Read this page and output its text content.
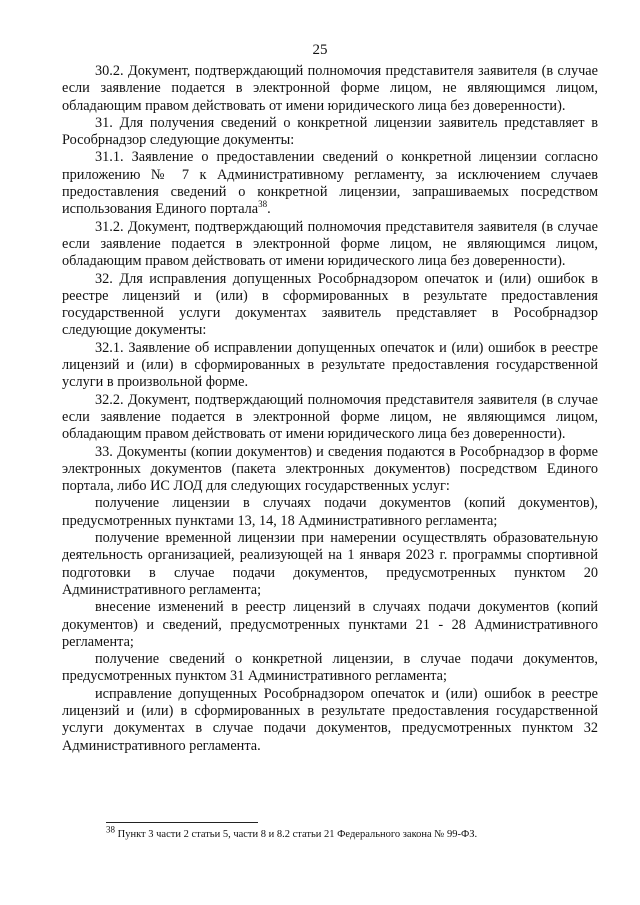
25

30.2. Документ, подтверждающий полномочия представителя заявителя (в случае если заявление подается в электронной форме лицом, не являющимся лицом, обладающим правом действовать от имени юридического лица без доверенности).

31. Для получения сведений о конкретной лицензии заявитель представляет в Рособрнадзор следующие документы:

31.1. Заявление о предоставлении сведений о конкретной лицензии согласно приложению № 7 к Административному регламенту, за исключением случаев предоставления сведений о конкретной лицензии, запрашиваемых посредством использования Единого портала$^{38}$.

31.2. Документ, подтверждающий полномочия представителя заявителя (в случае если заявление подается в электронной форме лицом, не являющимся лицом, обладающим правом действовать от имени юридического лица без доверенности).

32. Для исправления допущенных Рособрнадзором опечаток и (или) ошибок в реестре лицензий и (или) в сформированных в результате предоставления государственной услуги документах заявитель представляет в Рособрнадзор следующие документы:

32.1. Заявление об исправлении допущенных опечаток и (или) ошибок в реестре лицензий и (или) в сформированных в результате предоставления государственной услуги в произвольной форме.

32.2. Документ, подтверждающий полномочия представителя заявителя (в случае если заявление подается в электронной форме лицом, не являющимся лицом, обладающим правом действовать от имени юридического лица без доверенности).

33. Документы (копии документов) и сведения подаются в Рособрнадзор в форме электронных документов (пакета электронных документов) посредством Единого портала, либо ИС ЛОД для следующих государственных услуг:

получение лицензии в случаях подачи документов (копий документов), предусмотренных пунктами 13, 14, 18 Административного регламента;

получение временной лицензии при намерении осуществлять образовательную деятельность организацией, реализующей на 1 января 2023 г. программы спортивной подготовки в случае подачи документов, предусмотренных пунктом 20 Административного регламента;

внесение изменений в реестр лицензий в случаях подачи документов (копий документов) и сведений, предусмотренных пунктами 21 - 28 Административного регламента;

получение сведений о конкретной лицензии, в случае подачи документов, предусмотренных пунктом 31 Административного регламента;

исправление допущенных Рособрнадзором опечаток и (или) ошибок в реестре лицензий и (или) в сформированных в результате предоставления государственной услуги документах в случае подачи документов, предусмотренных пунктом 32 Административного регламента.

$^{38}$ Пункт 3 части 2 статьи 5, части 8 и 8.2 статьи 21 Федерального закона № 99-ФЗ.
